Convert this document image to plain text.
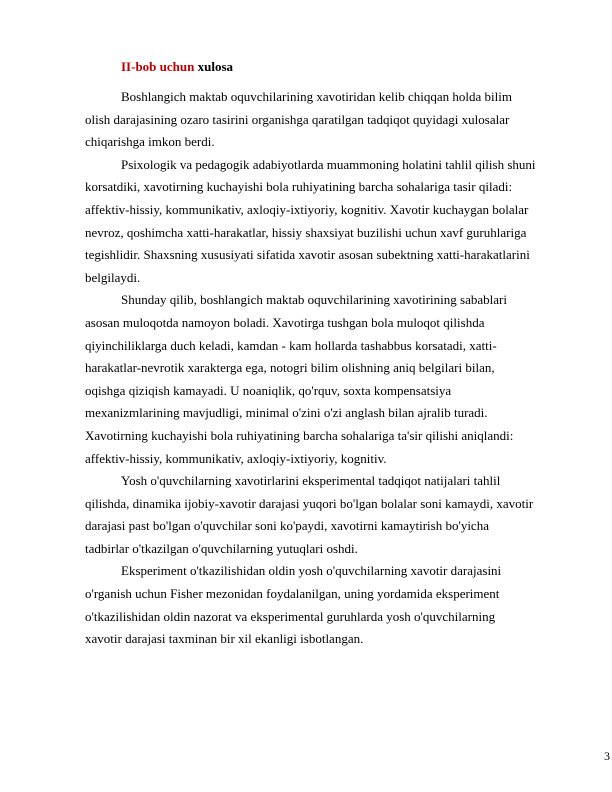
II-bob uchun xulosa

Boshlangich maktab oquvchilarining xavotiridan kelib chiqqan holda bilim
olish darajasining ozaro tasirini organishga qaratilgan tadqiqot quyidagi xulosalar
chiqarishga imkon berdi.

Psixologik va pedagogik adabiyotlarda muammoning holatini tahlil qilish shuni
korsatdiki, xavotirning kuchayishi bola ruhiyatining barcha sohalariga tasir qiladi:
affektiv-hissiy, kommunikativ, axloqiy-ixtiyoriy, kognitiv. Xavotir kuchaygan bolalar
nevroz, qoshimcha xatti-harakatlar, hissiy shaxsiyat buzilishi uchun xavf guruhlariga
tegishlidir. Shaxsning xususiyati sifatida xavotir asosan subektning xatti-harakatlarini
belgilaydi.

Shunday qilib, boshlangich maktab oquvchilarining xavotirining sabablari
asosan muloqotda namoyon boladi. Xavotirga tushgan bola muloqot qilishda
qiyinchiliklarga duch keladi, kamdan - kam hollarda tashabbus korsatadi, xatti-
harakatlar-nevrotik xarakterga ega, notogri bilim olishning aniq belgilari bilan,
oqishga qiziqish kamayadi. U noaniqlik, qo'rquv, soxta kompensatsiya
mexanizmlarining mavjudligi, minimal o'zini o'zi anglash bilan ajralib turadi.
Xavotirning kuchayishi bola ruhiyatining barcha sohalariga ta'sir qilishi aniqlandi:
affektiv-hissiy, kommunikativ, axloqiy-ixtiyoriy, kognitiv.

Yosh o'quvchilarning xavotirlarini eksperimental tadqiqot natijalari tahlil
qilishda, dinamika ijobiy-xavotir darajasi yuqori bo'lgan bolalar soni kamaydi, xavotir
darajasi past bo'lgan o'quvchilar soni ko'paydi, xavotirni kamaytirish bo'yicha
tadbirlar o'tkazilgan o'quvchilarning yutuqlari oshdi.

Eksperiment o'tkazilishidan oldin yosh o'quvchilarning xavotir darajasini
o'rganish uchun Fisher mezonidan foydalanilgan, uning yordamida eksperiment
o'tkazilishidan oldin nazorat va eksperimental guruhlarda yosh o'quvchilarning
xavotir darajasi taxminan bir xil ekanligi isbotlangan.

3
